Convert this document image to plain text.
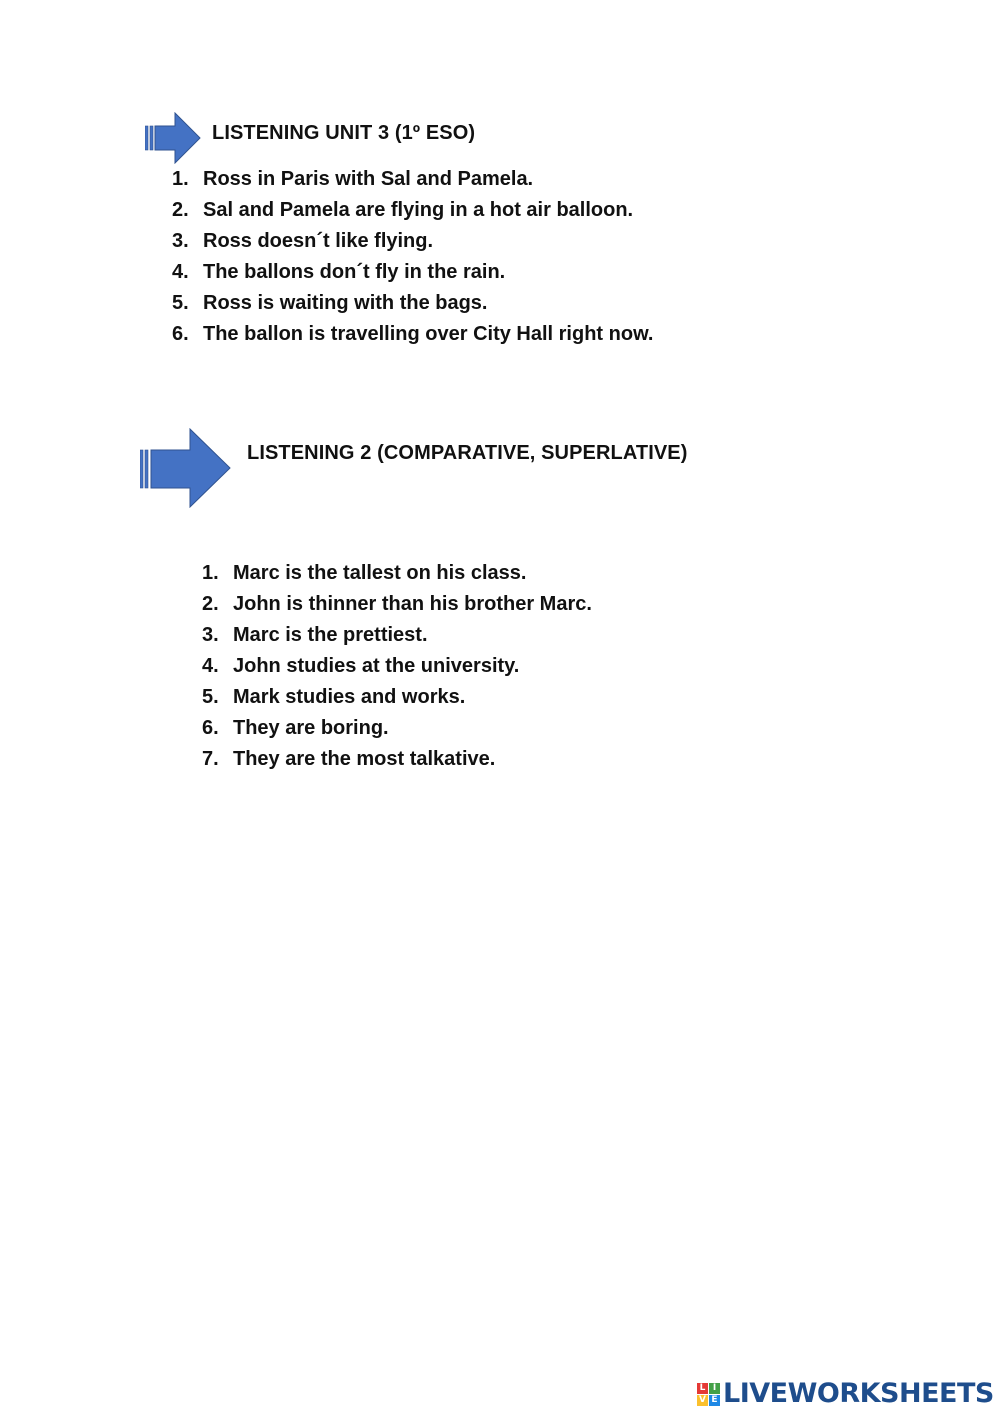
LISTENING UNIT 3 (1º ESO)
1. Ross in Paris with Sal and Pamela.
2. Sal and Pamela are flying in a hot air balloon.
3. Ross doesn´t like flying.
4. The ballons don´t fly in the rain.
5. Ross is waiting with the bags.
6. The ballon is travelling over City Hall right now.
LISTENING 2 (COMPARATIVE, SUPERLATIVE)
1. Marc is the tallest on his class.
2. John is thinner than his brother Marc.
3. Marc is the prettiest.
4. John studies at the university.
5. Mark studies and works.
6. They are boring.
7. They are the most talkative.
L I
V E LIVEWORKSHEETS
